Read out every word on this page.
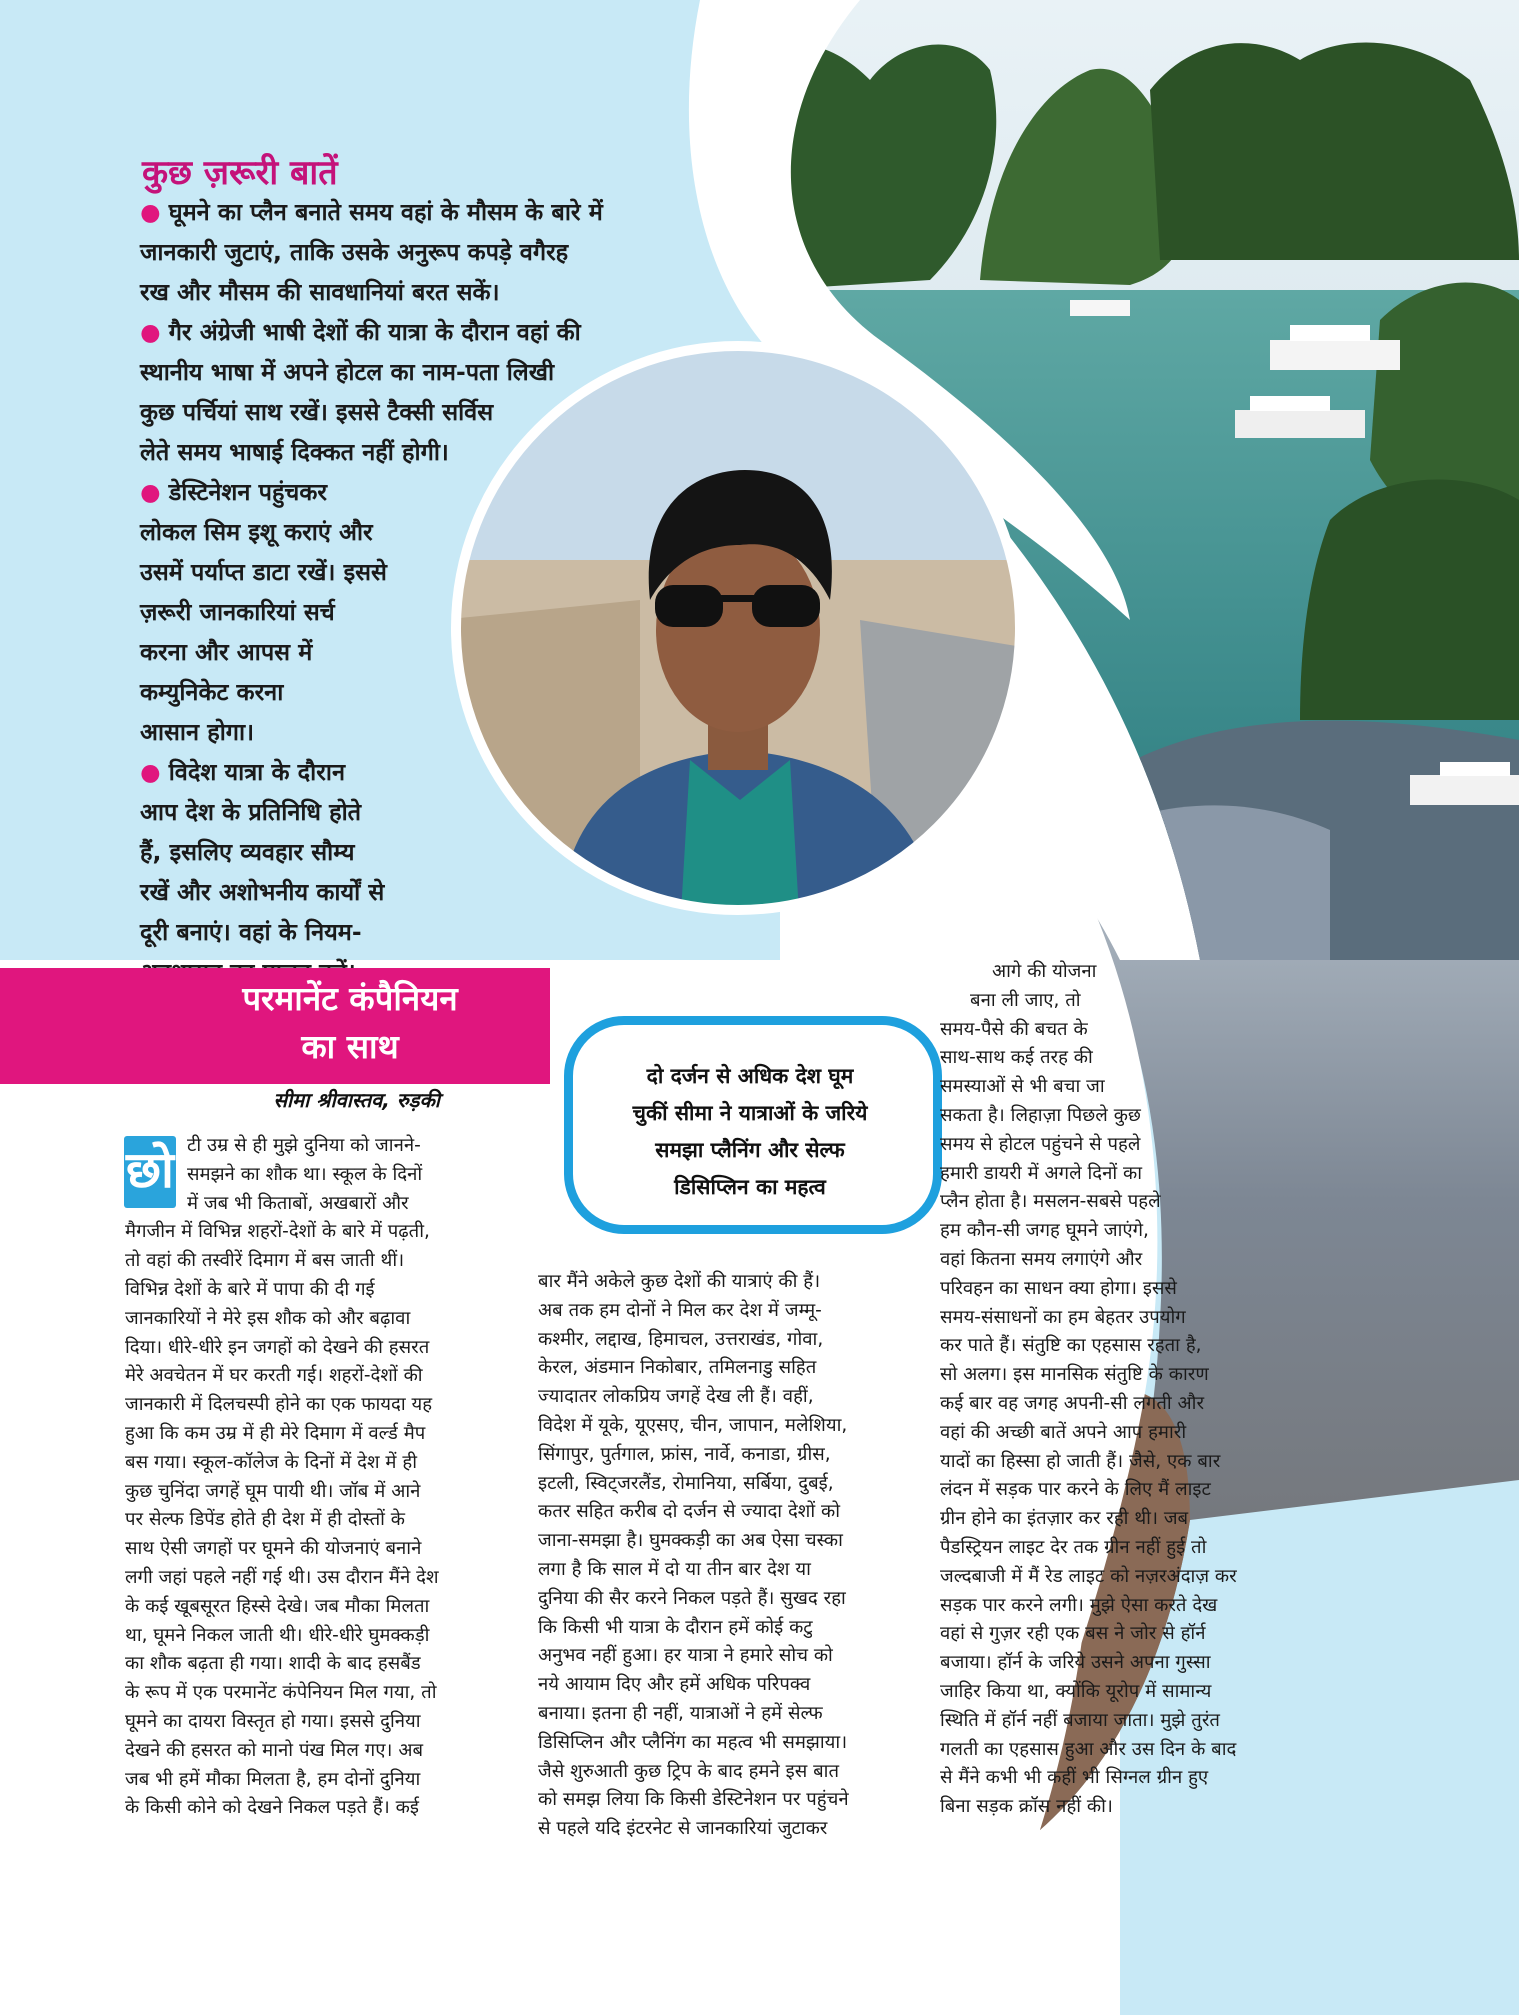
कुछ ज़रूरी बातें

● घूमने का प्लैन बनाते समय वहां के मौसम के बारे में
जानकारी जुटाएं, ताकि उसके अनुरूप कपड़े वगैरह
रख और मौसम की सावधानियां बरत सकें।

● गैर अंग्रेजी भाषी देशों की यात्रा के दौरान वहां की
स्थानीय भाषा में अपने होटल का नाम-पता लिखी
कुछ पर्चियां साथ रखें। इससे टैक्सी सर्विस
लेते समय भाषाई दिक्कत नहीं होगी।

● डेस्टिनेशन पहुंचकर
लोकल सिम इशू कराएं और
उसमें पर्याप्त डाटा रखें। इससे
ज़रूरी जानकारियां सर्च
करना और आपस में
कम्युनिकेट करना
आसान होगा।

● विदेश यात्रा के दौरान
आप देश के प्रतिनिधि होते
हैं, इसलिए व्यवहार सौम्य
रखें और अशोभनीय कार्यों से
दूरी बनाएं। वहां के नियम-

परमानेंट कंपैनियन
का साथ
सीमा श्रीवास्तव, रुड़की
दो दर्जन से अधिक देश घूम
चुकीं सीमा ने यात्राओं के जरिये
समझा प्लैनिंग और सेल्फ
डिसिप्लिन का महत्व
छो टी उम्र से ही मुझे दुनिया को जानने-
समझने का शौक था। स्कूल के दिनों
में जब भी किताबों, अखबारों और
मैगजीन में विभिन्न शहरों-देशों के बारे में पढ़ती,
तो वहां की तस्वीरें दिमाग में बस जाती थीं।
विभिन्न देशों के बारे में पापा की दी गई
जानकारियों ने मेरे इस शौक को और बढ़ावा
दिया। धीरे-धीरे इन जगहों को देखने की हसरत
मेरे अवचेतन में घर करती गई। शहरों-देशों की
जानकारी में दिलचस्पी होने का एक फायदा यह
हुआ कि कम उम्र में ही मेरे दिमाग में वर्ल्ड मैप
बस गया। स्कूल-कॉलेज के दिनों में देश में ही
कुछ चुनिंदा जगहें घूम पायी थी। जॉब में आने
पर सेल्फ डिपेंड होते ही देश में ही दोस्तों के
साथ ऐसी जगहों पर घूमने की योजनाएं बनाने
लगी जहां पहले नहीं गई थी। उस दौरान मैंने देश
के कई खूबसूरत हिस्से देखे। जब मौका मिलता
था, घूमने निकल जाती थी। धीरे-धीरे घुमक्कड़ी
का शौक बढ़ता ही गया। शादी के बाद हसबैंड
के रूप में एक परमानेंट कंपेनियन मिल गया, तो
घूमने का दायरा विस्तृत हो गया। इससे दुनिया
देखने की हसरत को मानो पंख मिल गए। अब
जब भी हमें मौका मिलता है, हम दोनों दुनिया
के किसी कोने को देखने निकल पड़ते हैं। कई
बार मैंने अकेले कुछ देशों की यात्राएं की हैं।
अब तक हम दोनों ने मिल कर देश में जम्मू-
कश्मीर, लद्दाख, हिमाचल, उत्तराखंड, गोवा,
केरल, अंडमान निकोबार, तमिलनाडु सहित
ज्यादातर लोकप्रिय जगहें देख ली हैं। वहीं,
विदेश में यूके, यूएसए, चीन, जापान, मलेशिया,
सिंगापुर, पुर्तगाल, फ्रांस, नार्वे, कनाडा, ग्रीस,
इटली, स्विट्जरलैंड, रोमानिया, सर्बिया, दुबई,
कतर सहित करीब दो दर्जन से ज्यादा देशों को
जाना-समझा है। घुमक्कड़ी का अब ऐसा चस्का
लगा है कि साल में दो या तीन बार देश या
दुनिया की सैर करने निकल पड़ते हैं। सुखद रहा
कि किसी भी यात्रा के दौरान हमें कोई कटु
अनुभव नहीं हुआ। हर यात्रा ने हमारे सोच को
नये आयाम दिए और हमें अधिक परिपक्व
बनाया। इतना ही नहीं, यात्राओं ने हमें सेल्फ
डिसिप्लिन और प्लैनिंग का महत्व भी समझाया।
जैसे शुरुआती कुछ ट्रिप के बाद हमने इस बात
को समझ लिया कि किसी डेस्टिनेशन पर पहुंचने
से पहले यदि इंटरनेट से जानकारियां जुटाकर
आगे की योजना
बना ली जाए, तो
समय-पैसे की बचत के
साथ-साथ कई तरह की
समस्याओं से भी बचा जा
सकता है। लिहाज़ा पिछले कुछ
समय से होटल पहुंचने से पहले
हमारी डायरी में अगले दिनों का
प्लैन होता है। मसलन-सबसे पहले
हम कौन-सी जगह घूमने जाएंगे,
वहां कितना समय लगाएंगे और
परिवहन का साधन क्या होगा। इससे
समय-संसाधनों का हम बेहतर उपयोग
कर पाते हैं। संतुष्टि का एहसास रहता है,
सो अलग। इस मानसिक संतुष्टि के कारण
कई बार वह जगह अपनी-सी लगती और
वहां की अच्छी बातें अपने आप हमारी
यादों का हिस्सा हो जाती हैं। जैसे, एक बार
लंदन में सड़क पार करने के लिए मैं लाइट
ग्रीन होने का इंतज़ार कर रही थी। जब
पैडस्ट्रियन लाइट देर तक ग्रीन नहीं हुई तो
जल्दबाजी में मैं रेड लाइट को नज़रअंदाज़ कर
सड़क पार करने लगी। मुझे ऐसा करते देख
वहां से गुज़र रही एक बस ने जोर से हॉर्न
बजाया। हॉर्न के जरिये उसने अपना गुस्सा
जाहिर किया था, क्योंकि यूरोप में सामान्य
स्थिति में हॉर्न नहीं बजाया जाता। मुझे तुरंत
गलती का एहसास हुआ और उस दिन के बाद
से मैंने कभी भी कहीं भी सिग्नल ग्रीन हुए
बिना सड़क क्रॉस नहीं की।
